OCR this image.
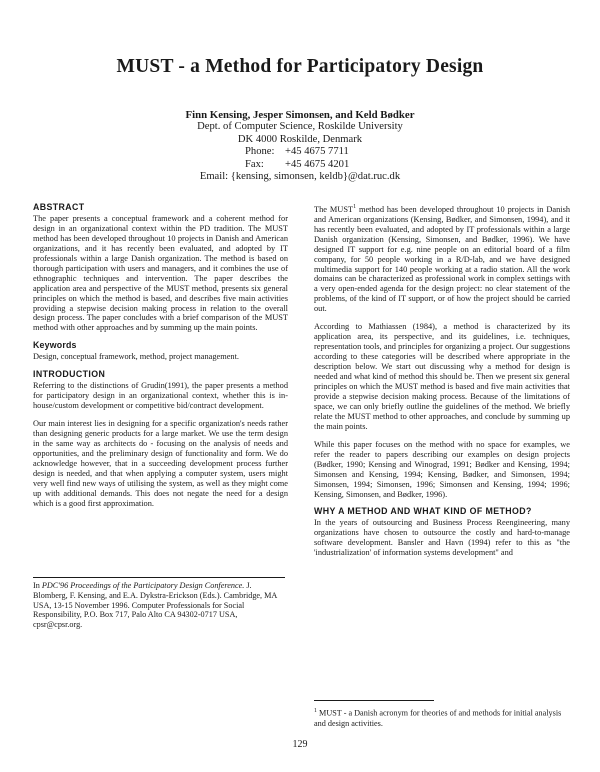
MUST - a Method for Participatory Design
Finn Kensing, Jesper Simonsen, and Keld Bødker
Dept. of Computer Science, Roskilde University
DK 4000 Roskilde, Denmark
Phone: +45 4675 7711
Fax: +45 4675 4201
Email: {kensing, simonsen, keldb}@dat.ruc.dk
ABSTRACT

The paper presents a conceptual framework and a coherent method for design in an organizational context within the PD tradition. The MUST method has been developed throughout 10 projects in Danish and American organizations, and it has recently been evaluated, and adopted by IT professionals within a large Danish organization. The method is based on thorough participation with users and managers, and it combines the use of ethnographic techniques and intervention. The paper describes the application area and perspective of the MUST method, presents six general principles on which the method is based, and describes five main activities providing a stepwise decision making process in relation to the overall design process. The paper concludes with a brief comparison of the MUST method with other approaches and by summing up the main points.

Keywords

Design, conceptual framework, method, project management.

INTRODUCTION

Referring to the distinctions of Grudin(1991), the paper presents a method for participatory design in an organizational context, whether this is in-house/custom development or competitive bid/contract development.

Our main interest lies in designing for a specific organization's needs rather than designing generic products for a large market. We use the term design in the same way as architects do - focusing on the analysis of needs and opportunities, and the preliminary design of functionality and form. We do acknowledge however, that in a succeeding development process further design is needed, and that when applying a computer system, users might very well find new ways of utilising the system, as well as they might come up with additional demands. This does not negate the need for a design which is a good first approximation.

In PDC'96 Proceedings of the Participatory Design Conference. J. Blomberg, F. Kensing, and E.A. Dykstra-Erickson (Eds.). Cambridge, MA USA, 13-15 November 1996. Computer Professionals for Social Responsibility, P.O. Box 717, Palo Alto CA 94302-0717 USA, cpsr@cpsr.org.

The MUST$^1$ method has been developed throughout 10 projects in Danish and American organizations (Kensing, Bødker, and Simonsen, 1994), and it has recently been evaluated, and adopted by IT professionals within a large Danish organization (Kensing, Simonsen, and Bødker, 1996). We have designed IT support for e.g. nine people on an editorial board of a film company, for 50 people working in a R/D-lab, and we have designed multimedia support for 140 people working at a radio station. All the work domains can be characterized as professional work in complex settings with a very open-ended agenda for the design project: no clear statement of the problems, of the kind of IT support, or of how the project should be carried out.

According to Mathiassen (1984), a method is characterized by its application area, its perspective, and its guidelines, i.e. techniques, representation tools, and principles for organizing a project. Our suggestions according to these categories will be described where appropriate in the description below. We start out discussing why a method for design is needed and what kind of method this should be. Then we present six general principles on which the MUST method is based and five main activities that provide a stepwise decision making process. Because of the limitations of space, we can only briefly outline the guidelines of the method. We briefly relate the MUST method to other approaches, and conclude by summing up the main points.

While this paper focuses on the method with no space for examples, we refer the reader to papers describing our examples on design projects (Bødker, 1990; Kensing and Winograd, 1991; Bødker and Kensing, 1994; Simonsen and Kensing, 1994; Kensing, Bødker, and Simonsen, 1994; Simonsen, 1994; Simonsen, 1996; Simonsen and Kensing, 1994; 1996; Kensing, Simonsen, and Bødker, 1996).

WHY A METHOD AND WHAT KIND OF METHOD?

In the years of outsourcing and Business Process Reengineering, many organizations have chosen to outsource the costly and hard-to-manage software development. Bansler and Havn (1994) refer to this as "the 'industrialization' of information systems development" and

$^1$ MUST - a Danish acronym for theories of and methods for initial analysis and design activities.
129
